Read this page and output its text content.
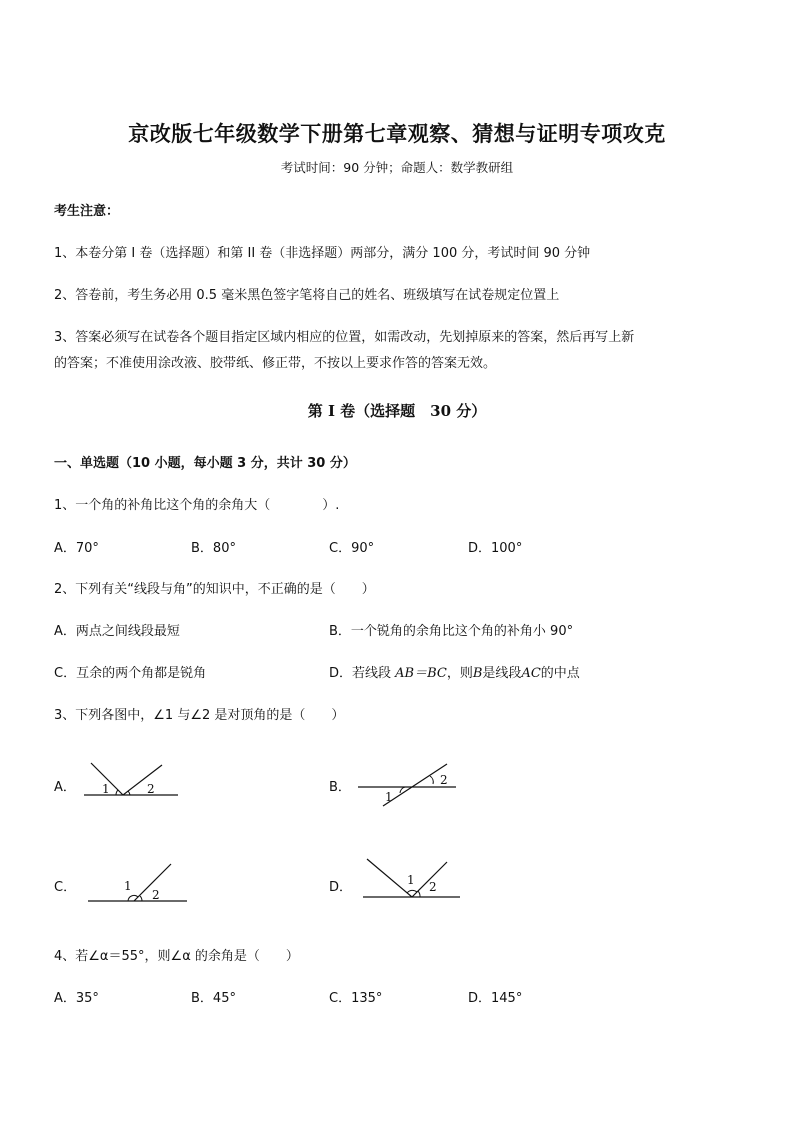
京改版七年级数学下册第七章观察、猜想与证明专项攻克
考试时间：90 分钟；命题人：数学教研组
考生注意：
1、本卷分第 I 卷（选择题）和第 II 卷（非选择题）两部分，满分 100 分，考试时间 90 分钟
2、答卷前，考生务必用 0.5 毫米黑色签字笔将自己的姓名、班级填写在试卷规定位置上
3、答案必须写在试卷各个题目指定区域内相应的位置，如需改动，先划掉原来的答案，然后再写上新
的答案；不准使用涂改液、胶带纸、修正带，不按以上要求作答的答案无效。
第 I 卷（选择题　30 分）
一、单选题（10 小题，每小题 3 分，共计 30 分）
1、一个角的补角比这个角的余角大（　　　　）.
A．70°	B．80°	C．90°	D．100°
2、下列有关“线段与角”的知识中，不正确的是（　　）
A．两点之间线段最短	B．一个锐角的余角比这个角的补角小 90°
C．互余的两个角都是锐角	D．若线段 AB＝BC，则B是线段AC的中点
3、下列各图中，∠1 与∠2 是对顶角的是（　　）
A． 1	2	B．
1
2
C．	1
2	D．	1 2
4、若∠α＝55°，则∠α 的余角是（　　）
A．35°	B．45°	C．135°	D．145°
